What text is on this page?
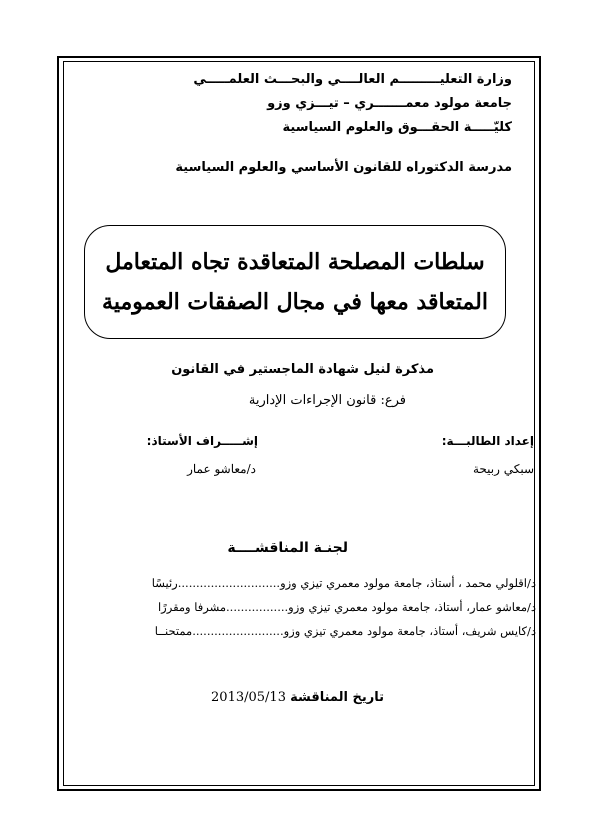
وزارة التعليـــــــــم العالــــي والبحـــث العلمـــــي
جامعة مولود معمـــــــري – تيـــزي وزو
كليّـــــة الحقـــوق والعلوم السياسية
مدرسة الدكتوراه للقانون الأساسي والعلوم السياسية
سلطات المصلحة المتعاقدة تجاه المتعامل
المتعاقد معها في مجال الصفقات العمومية
مذكرة لنيل شهادة الماجستير في القانون
فرع: قانون الإجراءات الإدارية
إعداد الطالبـــة:
إشـــــراف الأستاذ:
سبكي ربيحة
د/معاشو عمار
لجنـة المناقشــــة
د/اقلولي محمد ، أستاذ، جامعة مولود معمري تيزي وزو............................رئيسًا
د/معاشو عمار، أستاذ، جامعة مولود معمري تيزي وزو.................مشرفا ومقررًا
د/كايس شريف، أستاذ، جامعة مولود معمري تيزي وزو.........................ممتحنــا
تاريخ المناقشة 2013/05/13
